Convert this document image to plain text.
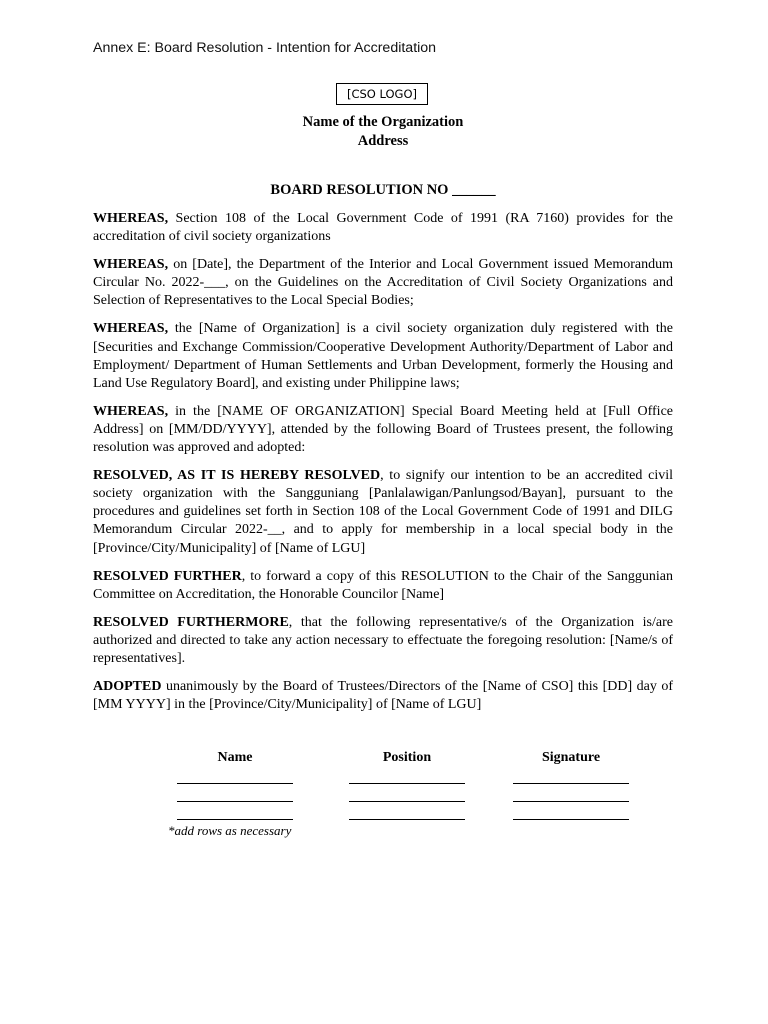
Annex E: Board Resolution - Intention for Accreditation
[CSO LOGO]
Name of the Organization
Address
BOARD RESOLUTION NO ______

WHEREAS, Section 108 of the Local Government Code of 1991 (RA 7160) provides for the accreditation of civil society organizations

WHEREAS, on [Date], the Department of the Interior and Local Government issued Memorandum Circular No. 2022-___, on the Guidelines on the Accreditation of Civil Society Organizations and Selection of Representatives to the Local Special Bodies;

WHEREAS, the [Name of Organization] is a civil society organization duly registered with the [Securities and Exchange Commission/Cooperative Development Authority/Department of Labor and Employment/ Department of Human Settlements and Urban Development, formerly the Housing and Land Use Regulatory Board], and existing under Philippine laws;

WHEREAS, in the [NAME OF ORGANIZATION] Special Board Meeting held at [Full Office Address] on [MM/DD/YYYY], attended by the following Board of Trustees present, the following resolution was approved and adopted:

RESOLVED, AS IT IS HEREBY RESOLVED, to signify our intention to be an accredited civil society organization with the Sangguniang [Panlalawigan/Panlungsod/Bayan], pursuant to the procedures and guidelines set forth in Section 108 of the Local Government Code of 1991 and DILG Memorandum Circular 2022-__, and to apply for membership in a local special body in the [Province/City/Municipality] of [Name of LGU]

RESOLVED FURTHER, to forward a copy of this RESOLUTION to the Chair of the Sanggunian Committee on Accreditation, the Honorable Councilor [Name]

RESOLVED FURTHERMORE, that the following representative/s of the Organization is/are authorized and directed to take any action necessary to effectuate the foregoing resolution: [Name/s of representatives].

ADOPTED unanimously by the Board of Trustees/Directors of the [Name of CSO] this [DD] day of [MM YYYY] in the [Province/City/Municipality] of [Name of LGU]

Name	Position	Signature
*add rows as necessary
